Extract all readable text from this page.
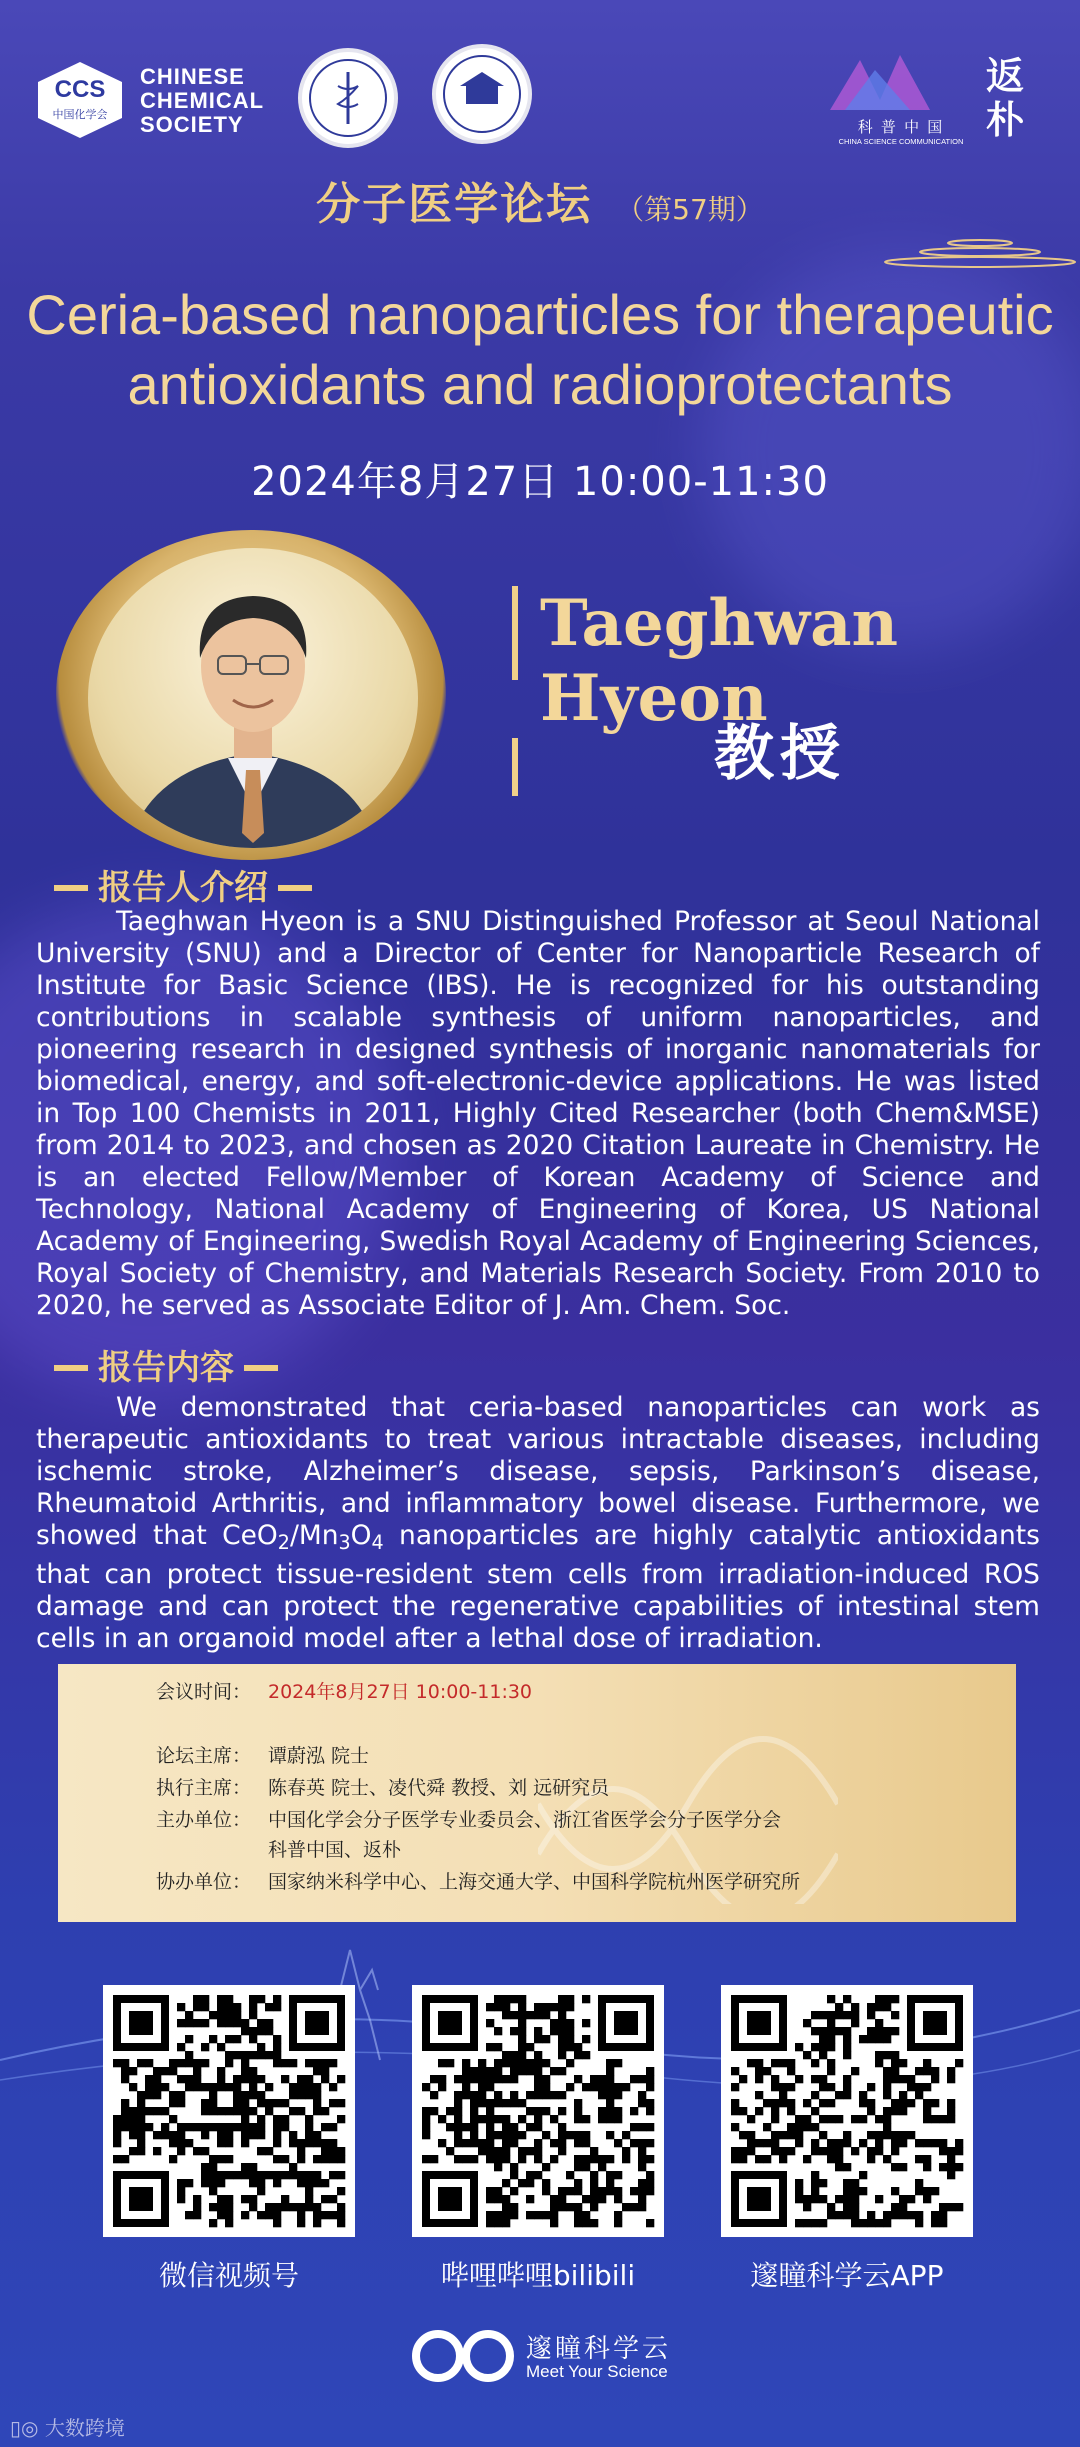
CCS
中国化学会
CHINESE
CHEMICAL
SOCIETY	科 普 中 国
CHINA SCIENCE COMMUNICATION
返朴
分子医学论坛 （第57期）
Ceria-based nanoparticles for therapeutic
antioxidants and radioprotectants
2024年8月27日 10:00-11:30
Taeghwan Hyeon
教授
报告人介绍
Taeghwan Hyeon is a SNU Distinguished Professor at Seoul National University (SNU) and a Director of Center for Nanoparticle Research of Institute for Basic Science (IBS). He is recognized for his outstanding contributions in scalable synthesis of uniform nanoparticles, and pioneering research in designed synthesis of inorganic nanomaterials for biomedical, energy, and soft-electronic-device applications. He was listed in Top 100 Chemists in 2011, Highly Cited Researcher (both Chem&MSE) from 2014 to 2023, and chosen as 2020 Citation Laureate in Chemistry. He is an elected Fellow/Member of Korean Academy of Science and Technology, National Academy of Engineering of Korea, US National Academy of Engineering, Swedish Royal Academy of Engineering Sciences, Royal Society of Chemistry, and Materials Research Society. From 2010 to 2020, he served as Associate Editor of J. Am. Chem. Soc.
报告内容
We demonstrated that ceria-based nanoparticles can work as therapeutic antioxidants to treat various intractable diseases, including ischemic stroke, Alzheimer’s disease, sepsis, Parkinson’s disease, Rheumatoid Arthritis, and inflammatory bowel disease. Furthermore, we showed that $CeO_2/Mn_3O_4$ nanoparticles are highly catalytic antioxidants that can protect tissue-resident stem cells from irradiation-induced ROS damage and can protect the regenerative capabilities of intestinal stem cells in an organoid model after a lethal dose of irradiation.
会议时间： 2024年8月27日 10:00-11:30
论坛主席： 谭蔚泓 院士
执行主席： 陈春英 院士、凌代舜 教授、刘 远研究员
主办单位： 中国化学会分子医学专业委员会、浙江省医学会分子医学分会
科普中国、返朴
协办单位： 国家纳米科学中心、上海交通大学、中国科学院杭州医学研究所
微信视频号	哔哩哔哩bilibili	邃瞳科学云APP
邃瞳科学云
Meet Your Science
▯◎ 大数跨境
